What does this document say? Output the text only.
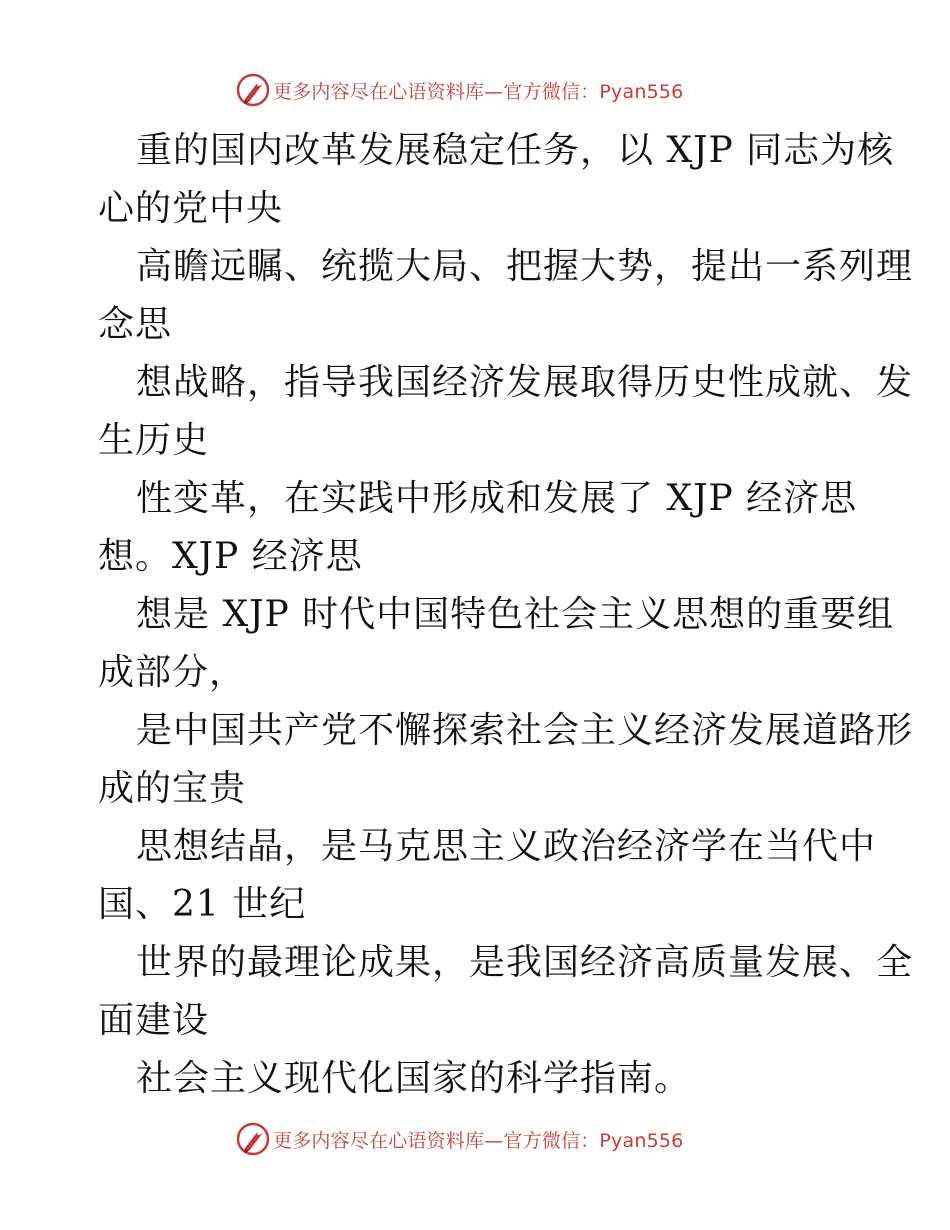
更多内容尽在心语资料库—官方微信：Pyan556
重的国内改革发展稳定任务，以 XJP 同志为核
心的党中央
高瞻远瞩、统揽大局、把握大势，提出一系列理
念思
想战略，指导我国经济发展取得历史性成就、发
生历史
性变革，在实践中形成和发展了 XJP 经济思
想。XJP 经济思
想是 XJP 时代中国特色社会主义思想的重要组
成部分，
是中国共产党不懈探索社会主义经济发展道路形
成的宝贵
思想结晶，是马克思主义政治经济学在当代中
国、21 世纪
世界的最理论成果，是我国经济高质量发展、全
面建设
社会主义现代化国家的科学指南。
更多内容尽在心语资料库—官方微信：Pyan556
